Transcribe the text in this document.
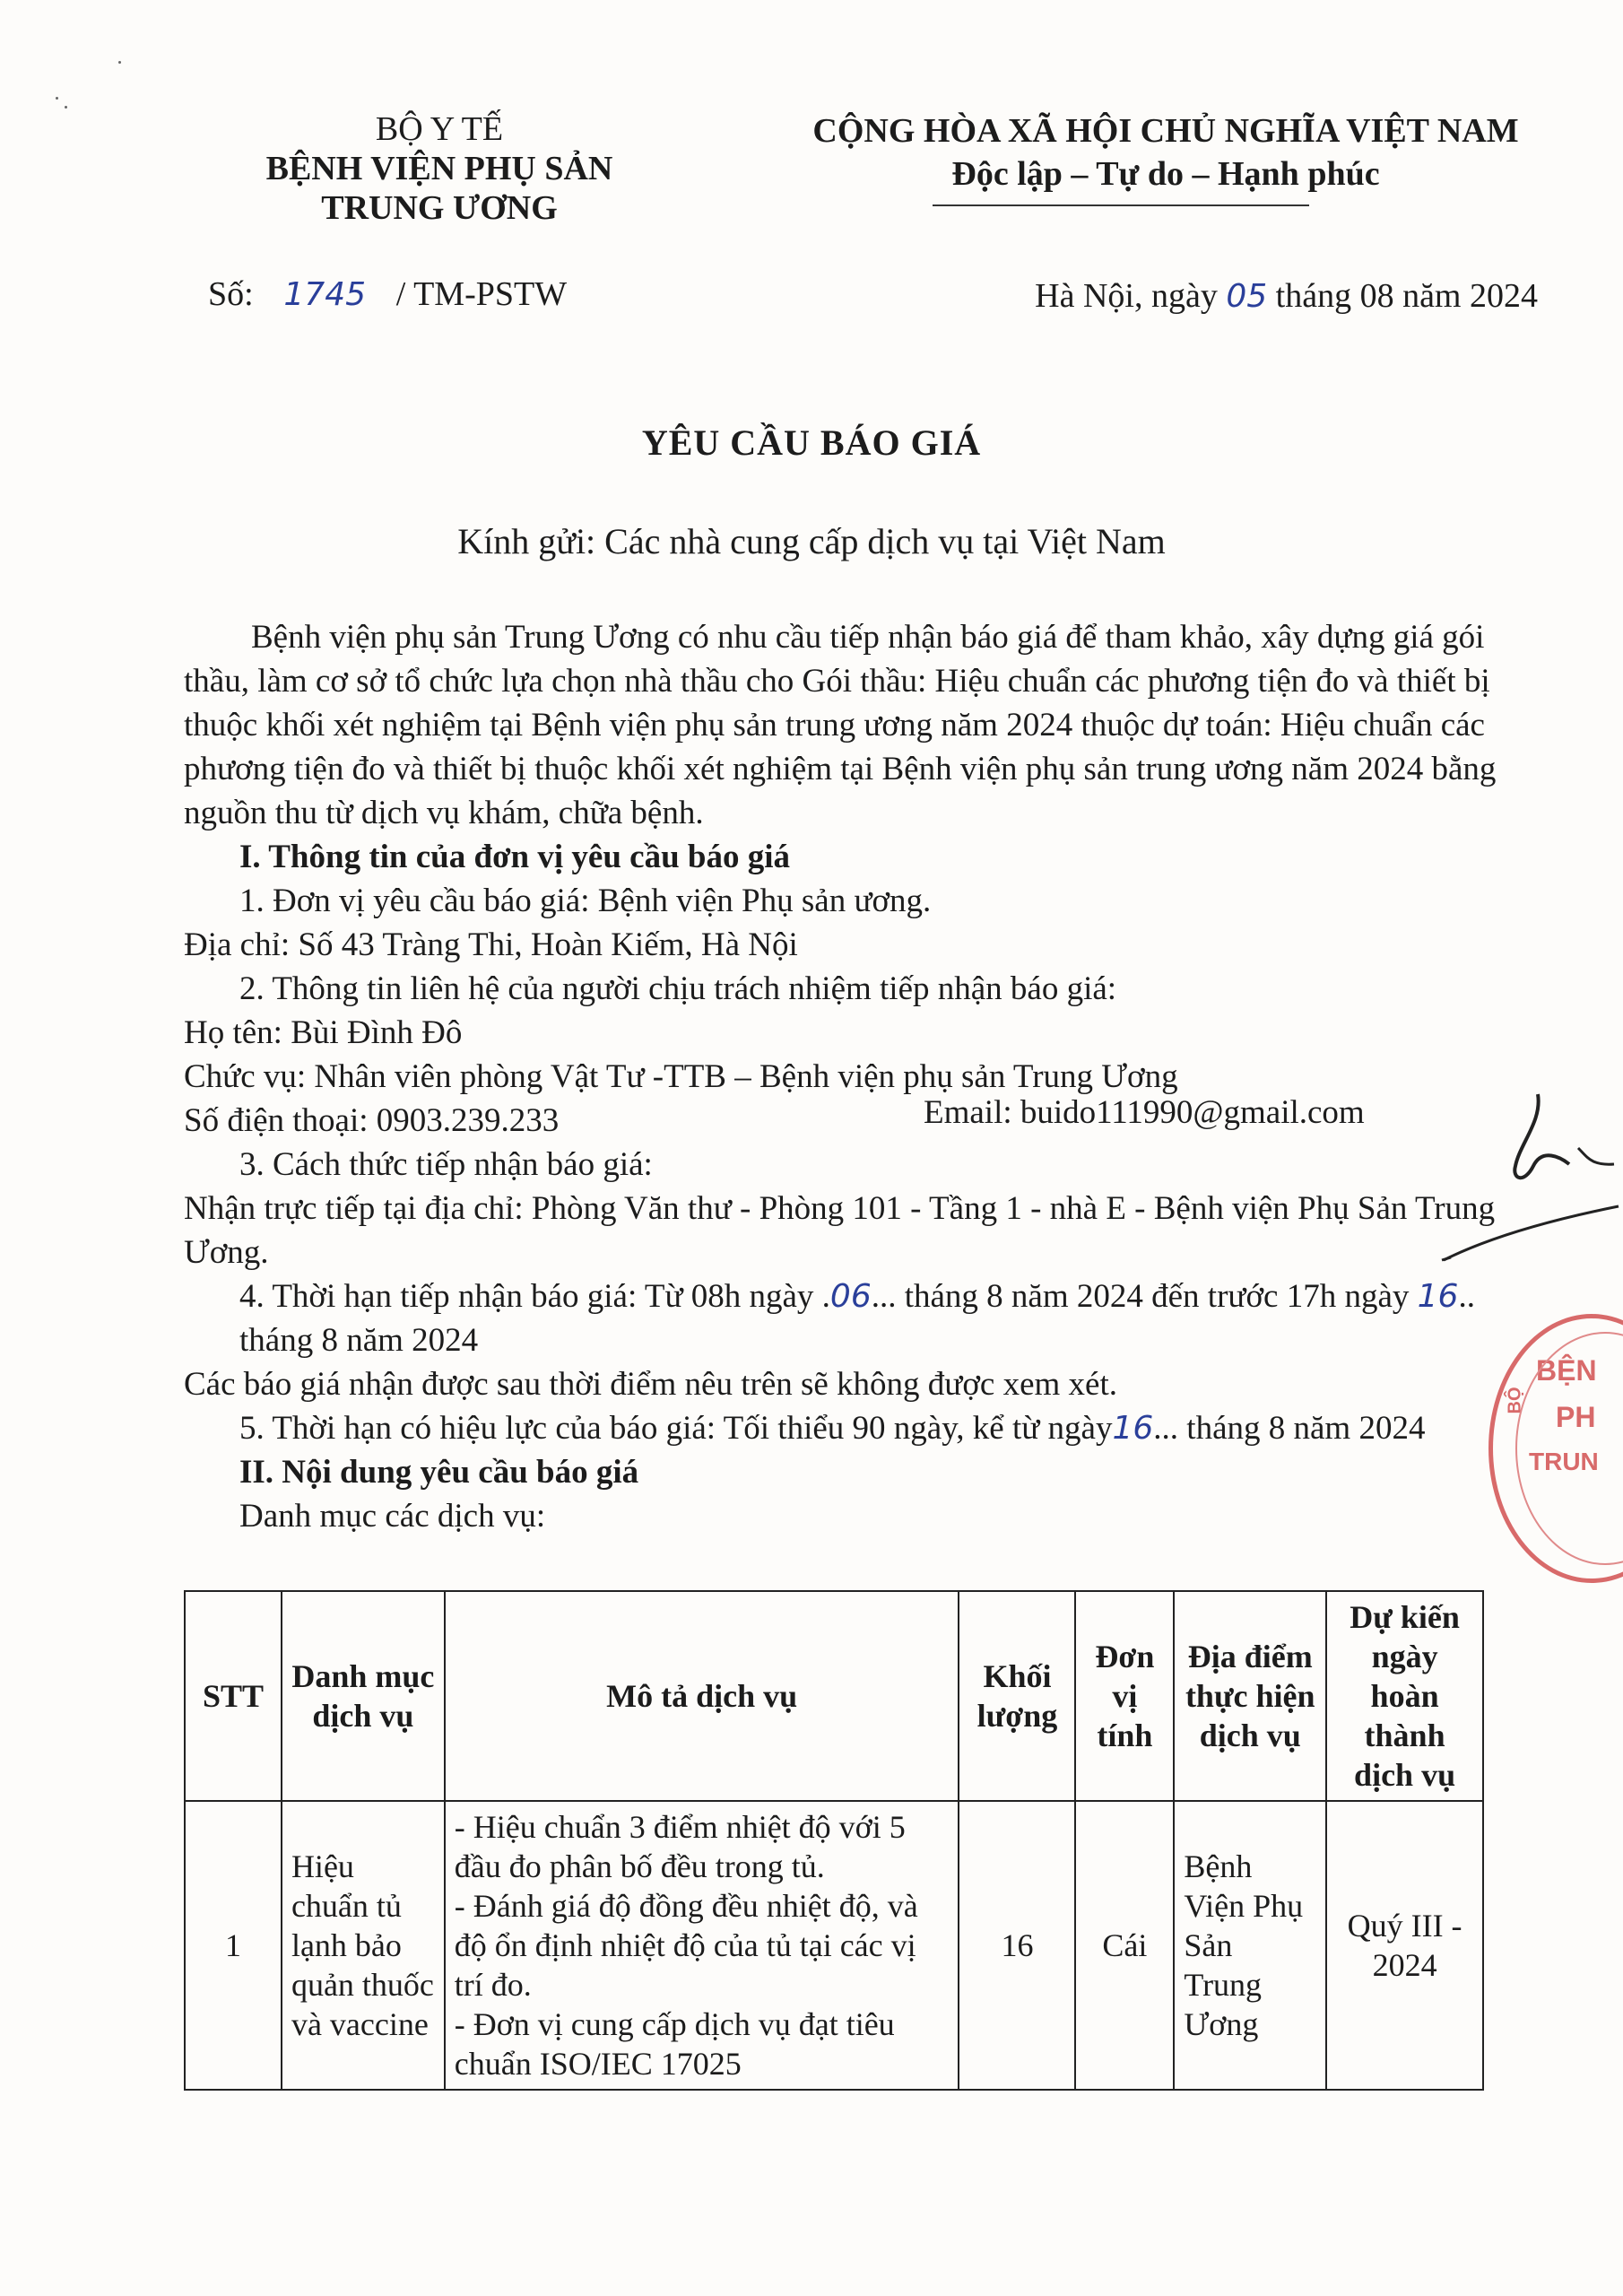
BỘ Y TẾ
BỆNH VIỆN PHỤ SẢN
TRUNG ƯƠNG
CỘNG HÒA XÃ HỘI CHỦ NGHĨA VIỆT NAM
Độc lập – Tự do – Hạnh phúc
Số: 1745 / TM-PSTW	Hà Nội, ngày 05 tháng 08 năm 2024
YÊU CẦU BÁO GIÁ
Kính gửi: Các nhà cung cấp dịch vụ tại Việt Nam

Bệnh viện phụ sản Trung Ương có nhu cầu tiếp nhận báo giá để tham khảo, xây dựng giá gói thầu, làm cơ sở tổ chức lựa chọn nhà thầu cho Gói thầu: Hiệu chuẩn các phương tiện đo và thiết bị thuộc khối xét nghiệm tại Bệnh viện phụ sản trung ương năm 2024 thuộc dự toán: Hiệu chuẩn các phương tiện đo và thiết bị thuộc khối xét nghiệm tại Bệnh viện phụ sản trung ương năm 2024 bằng nguồn thu từ dịch vụ khám, chữa bệnh.

I. Thông tin của đơn vị yêu cầu báo giá

1. Đơn vị yêu cầu báo giá: Bệnh viện Phụ sản ương.

Địa chỉ: Số 43 Tràng Thi, Hoàn Kiếm, Hà Nội

2. Thông tin liên hệ của người chịu trách nhiệm tiếp nhận báo giá:

Họ tên: Bùi Đình Đô

Chức vụ: Nhân viên phòng Vật Tư -TTB – Bệnh viện phụ sản Trung Ương

Số điện thoại: 0903.239.233

3. Cách thức tiếp nhận báo giá:

Nhận trực tiếp tại địa chỉ: Phòng Văn thư - Phòng 101 - Tầng 1 - nhà E - Bệnh viện Phụ Sản Trung Ương.

4. Thời hạn tiếp nhận báo giá: Từ 08h ngày .06... tháng 8 năm 2024 đến trước 17h ngày 16.. tháng 8 năm 2024

Các báo giá nhận được sau thời điểm nêu trên sẽ không được xem xét.

5. Thời hạn có hiệu lực của báo giá: Tối thiểu 90 ngày, kể từ ngày16... tháng 8 năm 2024

II. Nội dung yêu cầu báo giá

Danh mục các dịch vụ:

Email: buido111990@gmail.com
STT	Danh mục dịch vụ	Mô tả dịch vụ	Khối lượng	Đơn vị tính	Địa điểm thực hiện dịch vụ	Dự kiến ngày hoàn thành dịch vụ
1	Hiệu chuẩn tủ lạnh bảo quản thuốc và vaccine	- Hiệu chuẩn 3 điểm nhiệt độ với 5 đầu đo phân bố đều trong tủ.
- Đánh giá độ đồng đều nhiệt độ, và độ ổn định nhiệt độ của tủ tại các vị trí đo.
- Đơn vị cung cấp dịch vụ đạt tiêu chuẩn ISO/IEC 17025	16	Cái	Bệnh Viện Phụ Sản Trung Ương	Quý III - 2024
BỆN
PH
TRUN
BỘ
